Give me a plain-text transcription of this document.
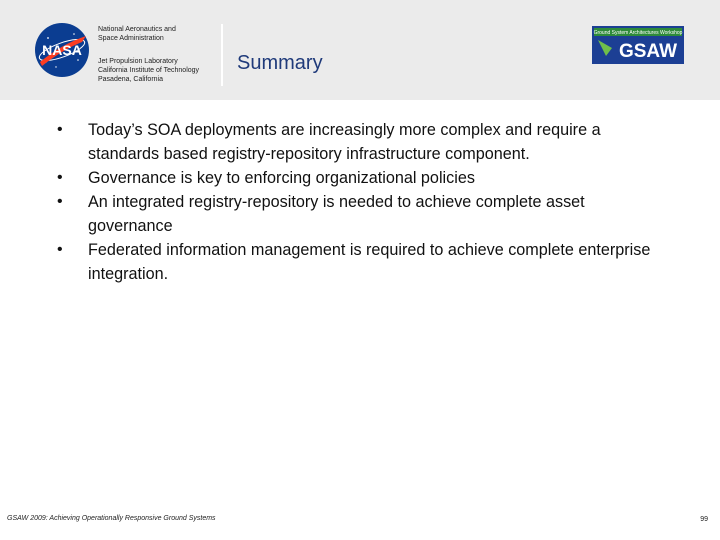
NASA
National Aeronautics and
Space Administration
Jet Propulsion Laboratory
California Institute of Technology
Pasadena, California
Summary
Ground System Architectures Workshop
GSAW
• Today’s SOA deployments are increasingly more complex and require a standards based registry-repository infrastructure component.
• Governance is key to enforcing organizational policies
• An integrated registry-repository is needed to achieve complete asset governance
• Federated information management is required to achieve complete enterprise integration.
GSAW 2009: Achieving Operationally Responsive Ground Systems	99
